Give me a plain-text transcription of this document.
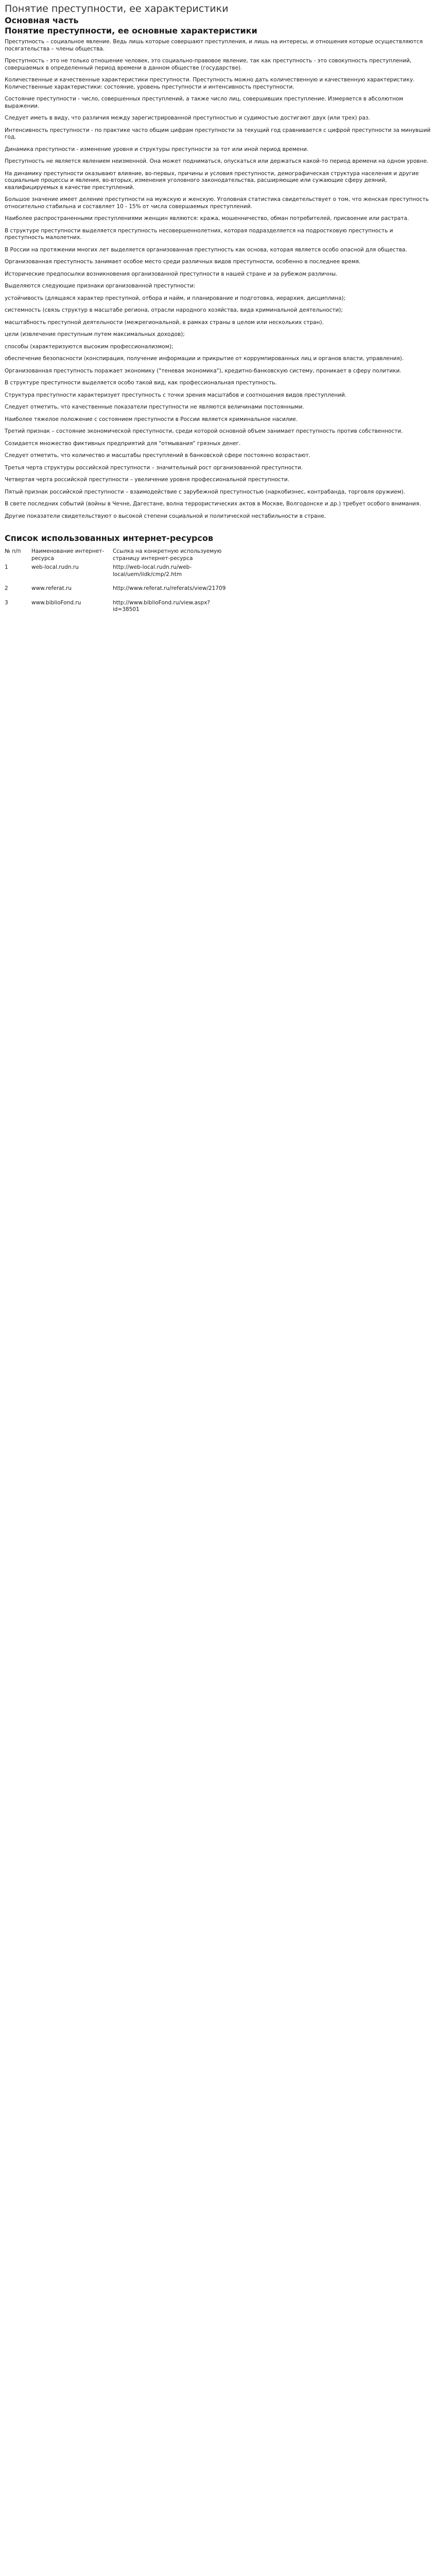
Понятие преступности, ее характеристики
Основная часть
Понятие преступности, ее основные характеристики

Преступность – социальное явление. Ведь лишь которые совершают преступления, и лишь на интересы, и отношения которые осуществляются посягательства – члены общества.

Преступность - это не только отношение человек, это социально-правовое явление, так как преступность - это совокупность преступлений, совершаемых в определенный период времени в данном обществе (государстве).

Количественные и качественные характеристики преступности. Преступность можно дать количественную и качественную характеристику. Количественные характеристики: состояние, уровень преступности и интенсивность преступности.

Состояние преступности - число, совершенных преступлений, а также число лиц, совершивших преступление. Измеряется в абсолютном выражении.

Следует иметь в виду, что различия между зарегистрированной преступностью и судимостью достигают двух (или трех) раз.

Интенсивность преступности - по практике часто общим цифрам преступности за текущий год сравнивается с цифрой преступности за минувший год.

Динамика преступности - изменение уровня и структуры преступности за тот или иной период времени.

Преступность не является явлением неизменной. Она может подниматься, опускаться или держаться какой-то период времени на одном уровне.

На динамику преступности оказывают влияние, во-первых, причины и условия преступности, демографическая структура населения и другие социальные процессы и явления, во-вторых, изменения уголовного законодательства, расширяющие или сужающие сферу деяний, квалифицируемых в качестве преступлений.

Большое значение имеет деление преступности на мужскую и женскую. Уголовная статистика свидетельствует о том, что женская преступность относительно стабильна и составляет 10 - 15% от числа совершаемых преступлений.

Наиболее распространенными преступлениями женщин являются: кража, мошенничество, обман потребителей, присвоение или растрата.

В структуре преступности выделяется преступность несовершеннолетних, которая подразделяется на подростковую преступность и преступность малолетних.

В России на протяжении многих лет выделяется организованная преступность как основа, которая является особо опасной для общества.

Организованная преступность занимает особое место среди различных видов преступности, особенно в последнее время.

Исторические предпосылки возникновения организованной преступности в нашей стране и за рубежом различны.

Выделяются следующие признаки организованной преступности:

устойчивость (длящаяся характер преступной, отбора и найм, и планирование и подготовка, иерархия, дисциплина);

системность (связь структур в масштабе региона, отрасли народного хозяйства, вида криминальной деятельности);

масштабность преступной деятельности (межрегиональной, в рамках страны в целом или нескольких стран).

цели (извлечение преступным путем максимальных доходов);

способы (характеризуются высоким профессионализмом);

обеспечение безопасности (конспирация, получение информации и прикрытие от коррумпированных лиц и органов власти, управления).

Организованная преступность поражает экономику ("теневая экономика"), кредитно-банковскую систему, проникает в сферу политики.

В структуре преступности выделяется особо такой вид, как профессиональная преступность.

Структура преступности характеризует преступность с точки зрения масштабов и соотношения видов преступлений.

Следует отметить, что качественные показатели преступности не являются величинами постоянными.

Наиболее тяжелое положение с состоянием преступности в России является криминальное насилие.

Третий признак – состояние экономической преступности, среди которой основной объем занимает преступность против собственности.

Созидается множество фиктивных предприятий для "отмывания" грязных денег.

Следует отметить, что количество и масштабы преступлений в банковской сфере постоянно возрастают.

Третья черта структуры российской преступности – значительный рост организованной преступности.

Четвертая черта российской преступности – увеличение уровня профессиональной преступности.

Пятый признак российской преступности – взаимодействие с зарубежной преступностью (наркобизнес, контрабанда, торговля оружием).

В свете последних событий (войны в Чечне, Дагестане, волна террористических актов в Москве, Волгодонске и др.) требует особого внимания.

Другие показатели свидетельствуют о высокой степени социальной и политической нестабильности в стране.

Список использованных интернет-ресурсов
№ п/п	Наименование интернет-ресурса	Ссылка на конкретную используемую страницу интернет-ресурса
1	web-local.rudn.ru	http://web-local.rudn.ru/web-local/uem/iidk/cmp/2.htm
2	www.referat.ru	http://www.referat.ru/referats/view/21709
3	www.biblioFond.ru	http://www.biblioFond.ru/view.aspx?id=38501
